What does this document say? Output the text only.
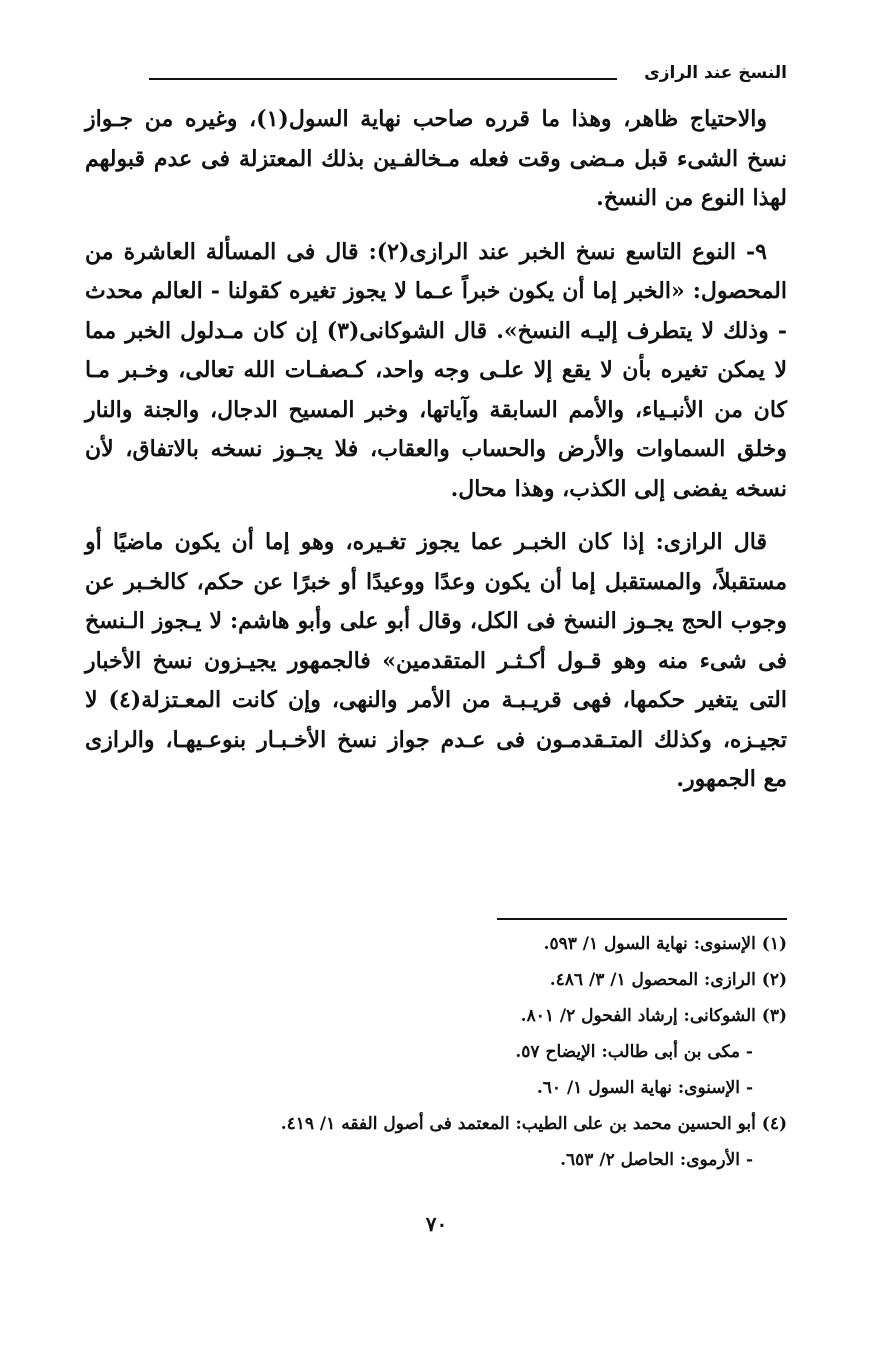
النسخ عند الرازى

والاحتياج ظاهر، وهذا ما قرره صاحب نهاية السول(١)، وغيره من جـواز نسخ الشىء قبل مـضى وقت فعله مـخالفـين بذلك المعتزلة فى عدم قبولهم لهذا النوع من النسخ.

٩- النوع التاسع نسخ الخبر عند الرازى(٢): قال فى المسألة العاشرة من المحصول: «الخبر إما أن يكون خبراً عـما لا يجوز تغيره كقولنا - العالم محدث - وذلك لا يتطرف إليـه النسخ». قال الشوكانى(٣) إن كان مـدلول الخبر مما لا يمكن تغيره بأن لا يقع إلا علـى وجه واحد، كـصفـات الله تعالى، وخـبر مـا كان من الأنبـياء، والأمم السابقة وآياتها، وخبر المسيح الدجال، والجنة والنار وخلق السماوات والأرض والحساب والعقاب، فلا يجـوز نسخه بالاتفاق، لأن نسخه يفضى إلى الكذب، وهذا محال.

قال الرازى: إذا كان الخبـر عما يجوز تغـيره، وهو إما أن يكون ماضيًا أو مستقبلاً، والمستقبل إما أن يكون وعدًا ووعيدًا أو خبرًا عن حكم، كالخـبر عن وجوب الحج يجـوز النسخ فى الكل، وقال أبو على وأبو هاشم: لا يـجوز الـنسخ فى شىء منه وهو قـول أكـثـر المتقدمين» فالجمهور يجيـزون نسخ الأخبار التى يتغير حكمها، فهى قريـبـة من الأمر والنهى، وإن كانت المعـتزلة(٤) لا تجيـزه، وكذلك المتـقدمـون فى عـدم جواز نسخ الأخـبـار بنوعـيهـا، والرازى مع الجمهور.

(١) الإسنوى: نهاية السول ١/ ٥٩٣.
(٢) الرازى: المحصول ١/ ٣/ ٤٨٦.
(٣) الشوكانى: إرشاد الفحول ٢/ ٨٠١.
- مكى بن أبى طالب: الإيضاح ٥٧.
- الإسنوى: نهاية السول ١/ ٦٠.
(٤) أبو الحسين محمد بن على الطيب: المعتمد فى أصول الفقه ١/ ٤١٩.
- الأرموى: الحاصل ٢/ ٦٥٣.
٧٠
